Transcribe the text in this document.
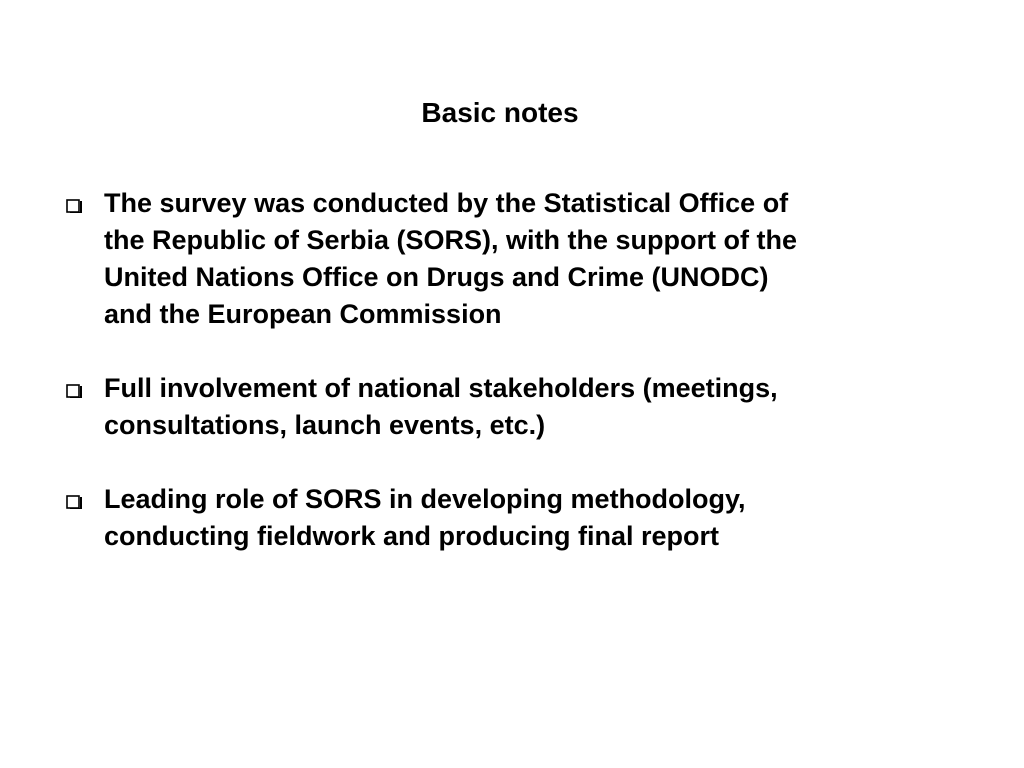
Basic notes
The survey was conducted by the Statistical Office of
the Republic of Serbia (SORS), with the support of the
United Nations Office on Drugs and Crime (UNODC)
and the European Commission
Full involvement of national stakeholders (meetings,
consultations, launch events, etc.)
Leading role of SORS in developing methodology,
conducting fieldwork and producing final report
